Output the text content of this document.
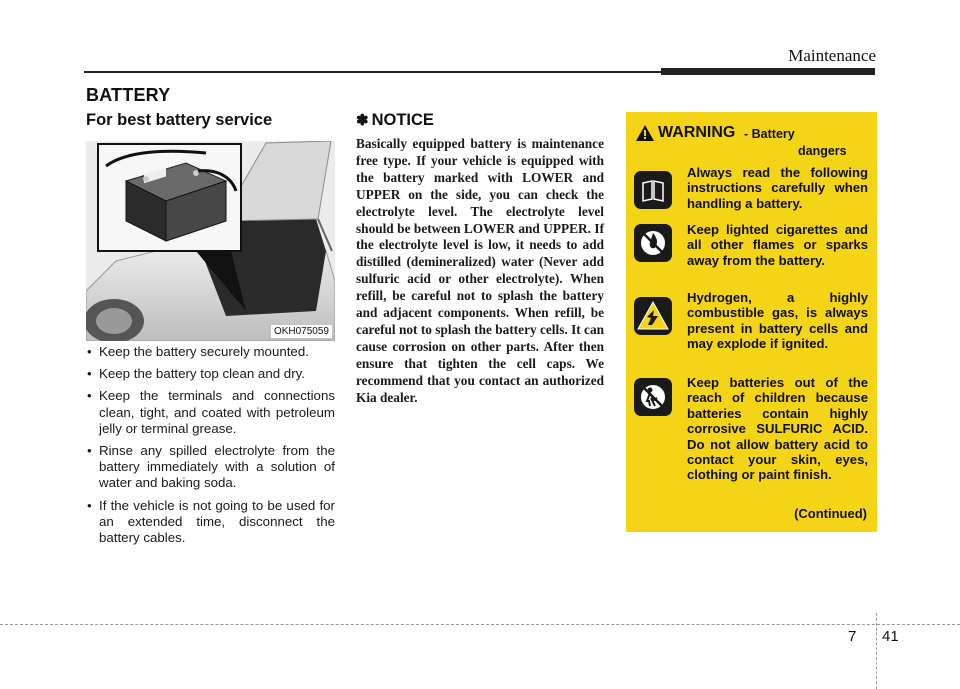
Maintenance
BATTERY
For best battery service
OKH075059
• Keep the battery securely mounted.
• Keep the battery top clean and dry.
• Keep the terminals and connections clean, tight, and coated with petroleum jelly or terminal grease.
• Rinse any spilled electrolyte from the battery immediately with a solution of water and baking soda.
• If the vehicle is not going to be used for an extended time, disconnect the battery cables.
✽ NOTICE

Basically equipped battery is maintenance free type. If your vehicle is equipped with the battery marked with LOWER and UPPER on the side, you can check the electrolyte level. The electrolyte level should be between LOWER and UPPER. If the electrolyte level is low, it needs to add distilled (demineralized) water (Never add sulfuric acid or other electrolyte). When refill, be careful not to splash the battery and adjacent components. When refill, be careful not to splash the battery cells. It can cause corrosion on other parts. After then ensure that tighten the cell caps. We recommend that you contact an authorized Kia dealer.

WARNING - Battery
dangers

Always read the following instructions carefully when handling a battery.

Keep lighted cigarettes and all other flames or sparks away from the battery.

Hydrogen, a highly combustible gas, is always present in battery cells and may explode if ignited.

Keep batteries out of the reach of children because batteries contain highly corrosive SULFURIC ACID. Do not allow battery acid to contact your skin, eyes, clothing or paint finish.

(Continued)
7 41
